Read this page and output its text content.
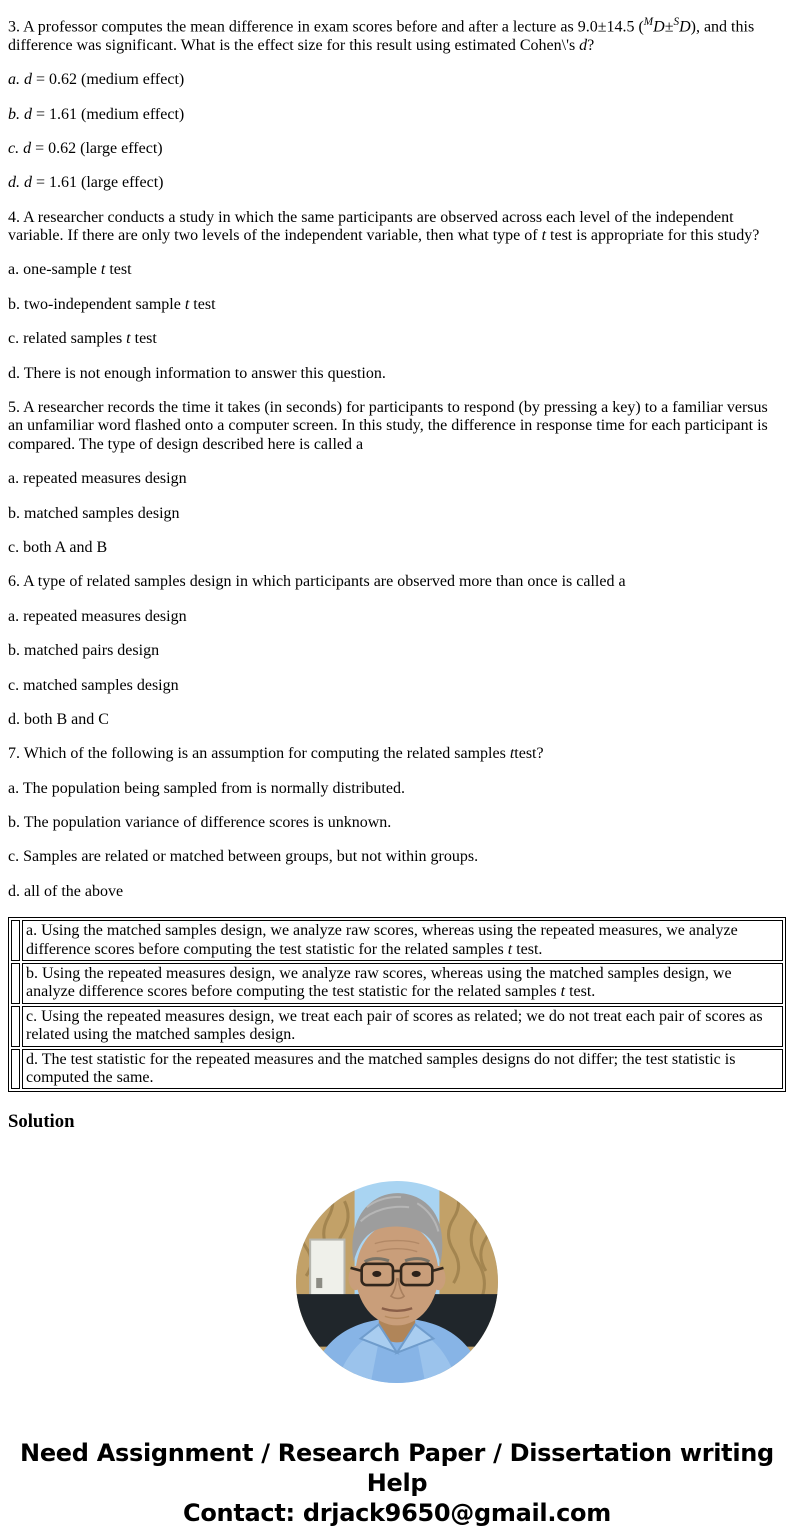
3. A professor computes the mean difference in exam scores before and after a lecture as 9.0±14.5 ($^M$D±$^S$D), and this difference was significant. What is the effect size for this result using estimated Cohen\'s d?

a. d = 0.62 (medium effect)

b. d = 1.61 (medium effect)

c. d = 0.62 (large effect)

d. d = 1.61 (large effect)

4. A researcher conducts a study in which the same participants are observed across each level of the independent variable. If there are only two levels of the independent variable, then what type of t test is appropriate for this study?

a. one-sample t test

b. two-independent sample t test

c. related samples t test

d. There is not enough information to answer this question.

5. A researcher records the time it takes (in seconds) for participants to respond (by pressing a key) to a familiar versus an unfamiliar word flashed onto a computer screen. In this study, the difference in response time for each participant is compared. The type of design described here is called a

a. repeated measures design

b. matched samples design

c. both A and B

6. A type of related samples design in which participants are observed more than once is called a

a. repeated measures design

b. matched pairs design

c. matched samples design

d. both B and C

7. Which of the following is an assumption for computing the related samples ttest?

a. The population being sampled from is normally distributed.

b. The population variance of difference scores is unknown.

c. Samples are related or matched between groups, but not within groups.

d. all of the above

	a. Using the matched samples design, we analyze raw scores, whereas using the repeated measures, we analyze difference scores before computing the test statistic for the related samples t test.
	b. Using the repeated measures design, we analyze raw scores, whereas using the matched samples design, we analyze difference scores before computing the test statistic for the related samples t test.
	c. Using the repeated measures design, we treat each pair of scores as related; we do not treat each pair of scores as related using the matched samples design.
	d. The test statistic for the repeated measures and the matched samples designs do not differ; the test statistic is computed the same.
Solution
Need Assignment / Research Paper / Dissertation writing Help
Contact: drjack9650@gmail.com
